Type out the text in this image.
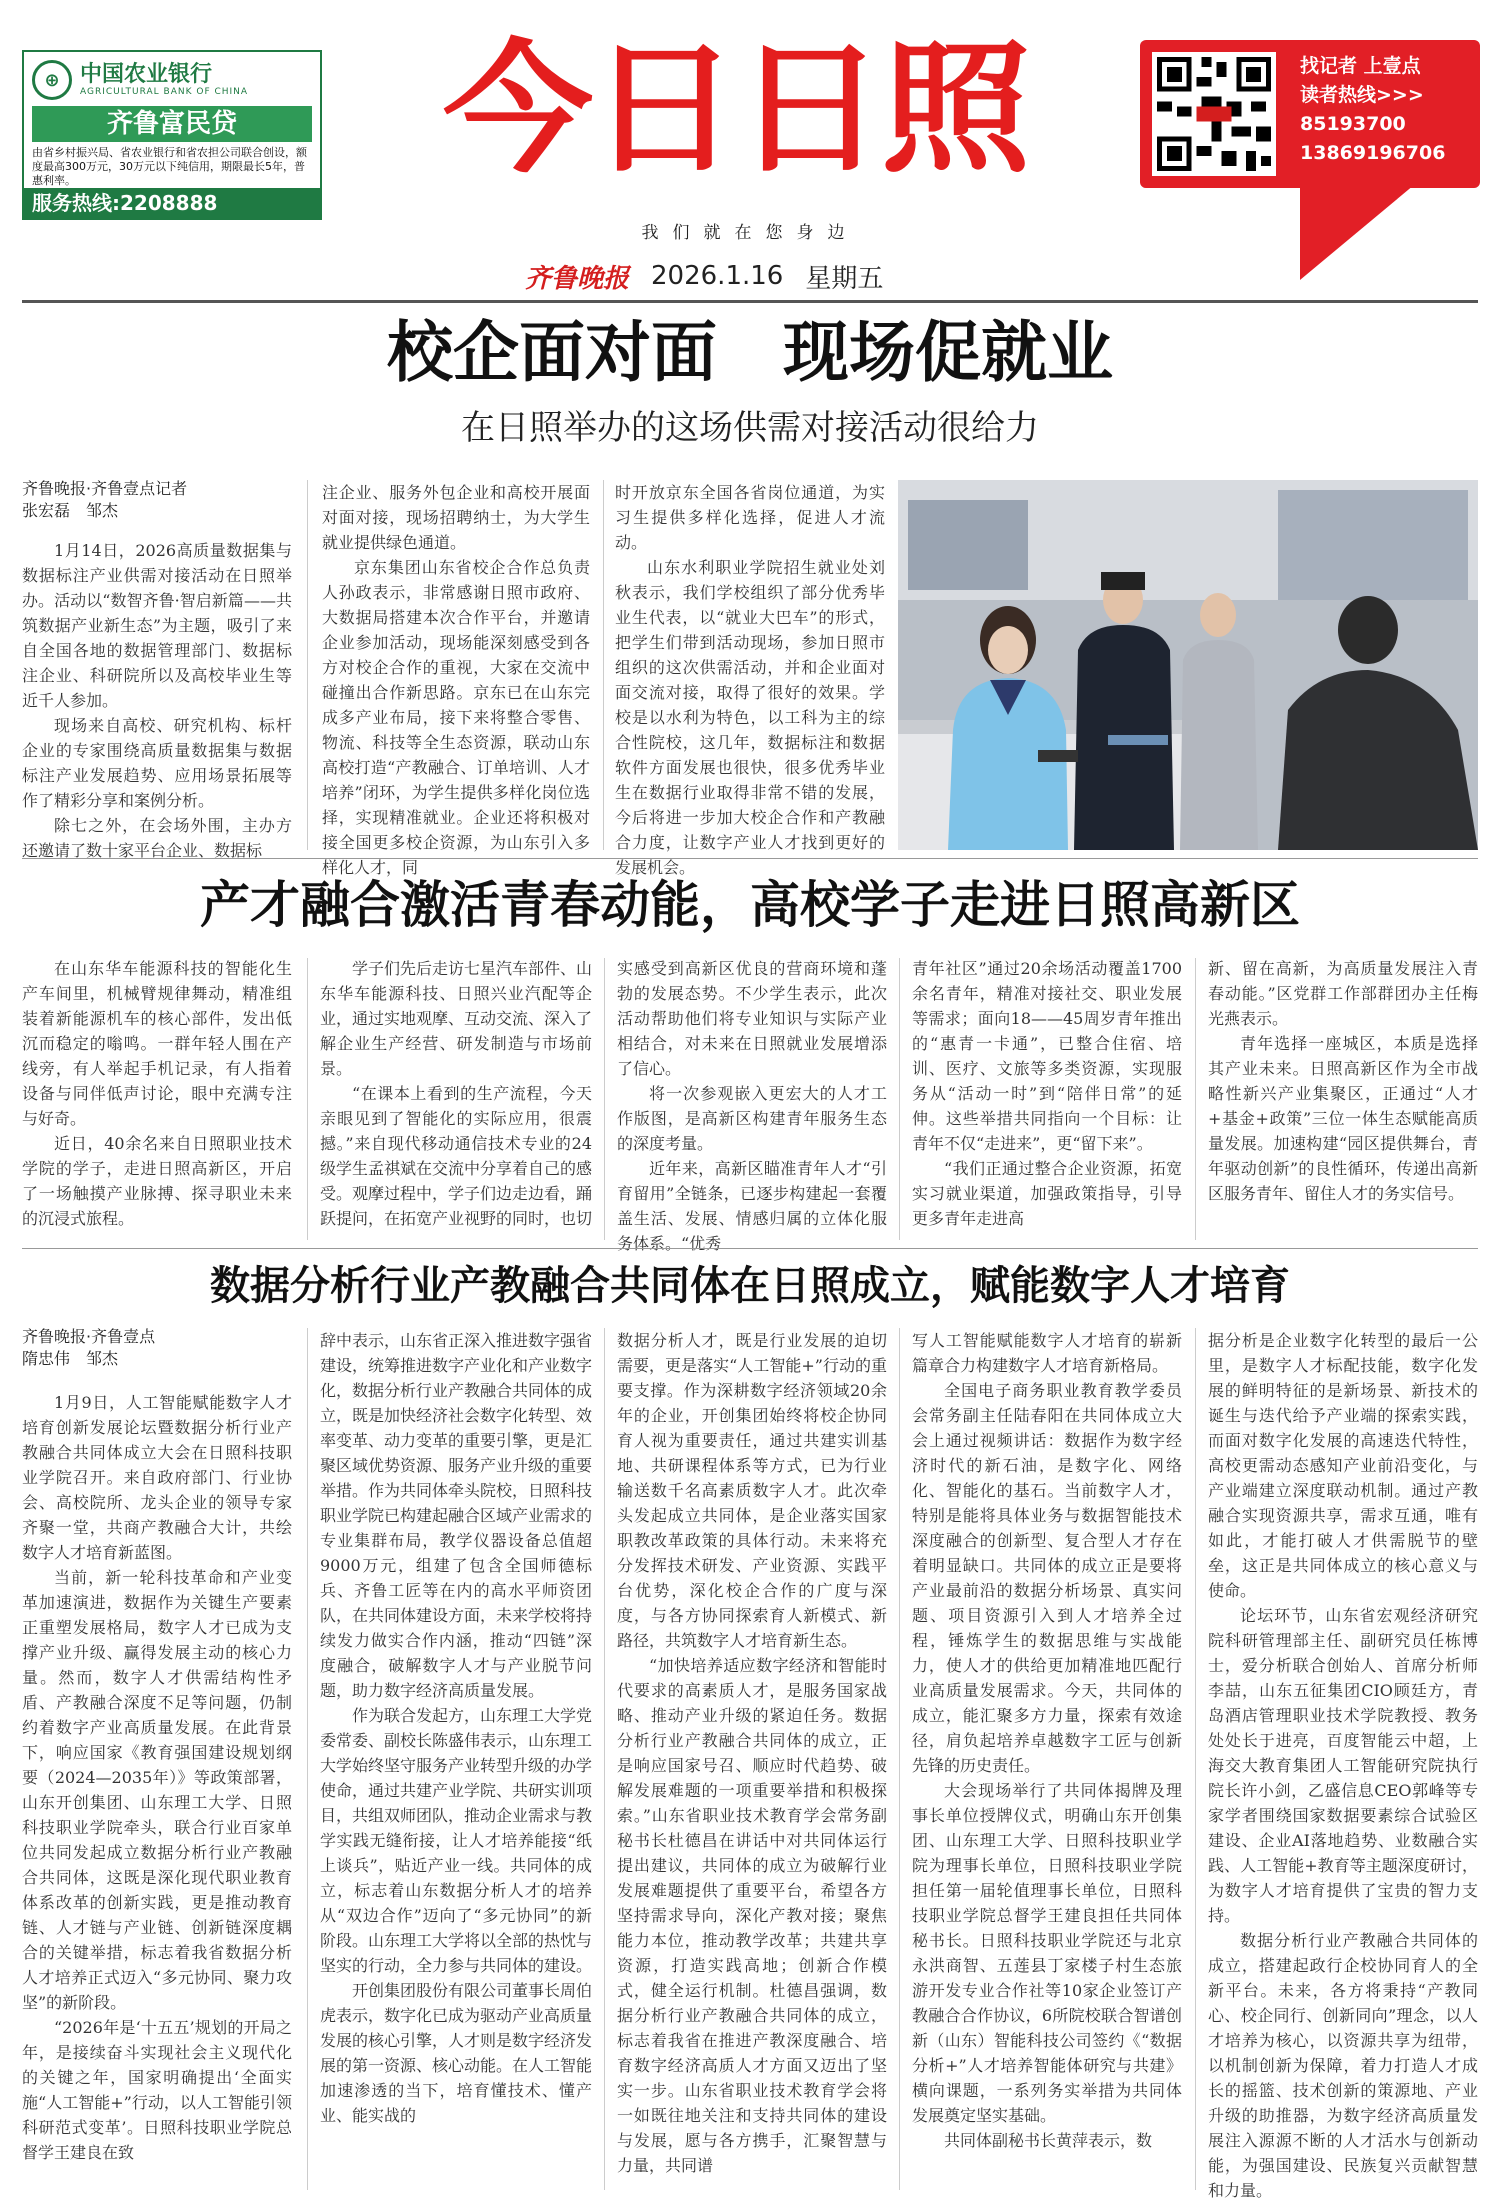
⊕ 中国农业银行
AGRICULTURAL BANK OF CHINA
齐鲁富民贷
由省乡村振兴局、省农业银行和省农担公司联合创设，额度最高300万元，30万元以下纯信用，期限最长5年，普惠利率。
服务热线:2208888
今日日照
我们就在您身边
齐鲁晚报 2026.1.16 星期五
找记者 上壹点
读者热线>>>
85193700
13869196706
校企面对面　现场促就业
在日照举办的这场供需对接活动很给力
齐鲁晚报·齐鲁壹点记者
张宏磊　邹杰

1月14日，2026高质量数据集与数据标注产业供需对接活动在日照举办。活动以“数智齐鲁·智启新篇——共筑数据产业新生态”为主题，吸引了来自全国各地的数据管理部门、数据标注企业、科研院所以及高校毕业生等近千人参加。

现场来自高校、研究机构、标杆企业的专家围绕高质量数据集与数据标注产业发展趋势、应用场景拓展等作了精彩分享和案例分析。

除七之外，在会场外围，主办方还邀请了数十家平台企业、数据标

注企业、服务外包企业和高校开展面对面对接，现场招聘纳士，为大学生就业提供绿色通道。

京东集团山东省校企合作总负责人孙政表示，非常感谢日照市政府、大数据局搭建本次合作平台，并邀请企业参加活动，现场能深刻感受到各方对校企合作的重视，大家在交流中碰撞出合作新思路。京东已在山东完成多产业布局，接下来将整合零售、物流、科技等全生态资源，联动山东高校打造“产教融合、订单培训、人才培养”闭环，为学生提供多样化岗位选择，实现精准就业。企业还将积极对接全国更多校企资源，为山东引入多样化人才，同

时开放京东全国各省岗位通道，为实习生提供多样化选择，促进人才流动。

山东水利职业学院招生就业处刘秋表示，我们学校组织了部分优秀毕业生代表，以“就业大巴车”的形式，把学生们带到活动现场，参加日照市组织的这次供需活动，并和企业面对面交流对接，取得了很好的效果。学校是以水利为特色，以工科为主的综合性院校，这几年，数据标注和数据软件方面发展也很快，很多优秀毕业生在数据行业取得非常不错的发展，今后将进一步加大校企合作和产教融合力度，让数字产业人才找到更好的发展机会。

产才融合激活青春动能，高校学子走进日照高新区

在山东华车能源科技的智能化生产车间里，机械臂规律舞动，精准组装着新能源机车的核心部件，发出低沉而稳定的嗡鸣。一群年轻人围在产线旁，有人举起手机记录，有人指着设备与同伴低声讨论，眼中充满专注与好奇。

近日，40余名来自日照职业技术学院的学子，走进日照高新区，开启了一场触摸产业脉搏、探寻职业未来的沉浸式旅程。

学子们先后走访七星汽车部件、山东华车能源科技、日照兴业汽配等企业，通过实地观摩、互动交流、深入了解企业生产经营、研发制造与市场前景。

“在课本上看到的生产流程，今天亲眼见到了智能化的实际应用，很震撼。”来自现代移动通信技术专业的24级学生孟祺斌在交流中分享着自己的感受。观摩过程中，学子们边走边看，踊跃提问，在拓宽产业视野的同时，也切

实感受到高新区优良的营商环境和蓬勃的发展态势。不少学生表示，此次活动帮助他们将专业知识与实际产业相结合，对未来在日照就业发展增添了信心。

将一次参观嵌入更宏大的人才工作版图，是高新区构建青年服务生态的深度考量。

近年来，高新区瞄准青年人才“引育留用”全链条，已逐步构建起一套覆盖生活、发展、情感归属的立体化服务体系。“优秀

青年社区”通过20余场活动覆盖1700余名青年，精准对接社交、职业发展等需求；面向18——45周岁青年推出的“惠青一卡通”，已整合住宿、培训、医疗、文旅等多类资源，实现服务从“活动一时”到“陪伴日常”的延伸。这些举措共同指向一个目标：让青年不仅“走进来”，更“留下来”。

“我们正通过整合企业资源，拓宽实习就业渠道，加强政策指导，引导更多青年走进高

新、留在高新，为高质量发展注入青春动能。”区党群工作部群团办主任梅光燕表示。

青年选择一座城区，本质是选择其产业未来。日照高新区作为全市战略性新兴产业集聚区，正通过“人才+基金+政策”三位一体生态赋能高质量发展。加速构建“园区提供舞台，青年驱动创新”的良性循环，传递出高新区服务青年、留住人才的务实信号。

数据分析行业产教融合共同体在日照成立，赋能数字人才培育
齐鲁晚报·齐鲁壹点
隋忠伟　邹杰

1月9日，人工智能赋能数字人才培育创新发展论坛暨数据分析行业产教融合共同体成立大会在日照科技职业学院召开。来自政府部门、行业协会、高校院所、龙头企业的领导专家齐聚一堂，共商产教融合大计，共绘数字人才培育新蓝图。

当前，新一轮科技革命和产业变革加速演进，数据作为关键生产要素正重塑发展格局，数字人才已成为支撑产业升级、赢得发展主动的核心力量。然而，数字人才供需结构性矛盾、产教融合深度不足等问题，仍制约着数字产业高质量发展。在此背景下，响应国家《教育强国建设规划纲要（2024—2035年）》等政策部署，山东开创集团、山东理工大学、日照科技职业学院牵头，联合行业百家单位共同发起成立数据分析行业产教融合共同体，这既是深化现代职业教育体系改革的创新实践，更是推动教育链、人才链与产业链、创新链深度耦合的关键举措，标志着我省数据分析人才培养正式迈入“多元协同、聚力攻坚”的新阶段。

“2026年是‘十五五’规划的开局之年，是接续奋斗实现社会主义现代化的关键之年，国家明确提出‘全面实施“人工智能+”行动，以人工智能引领科研范式变革’。日照科技职业学院总督学王建良在致

辞中表示，山东省正深入推进数字强省建设，统筹推进数字产业化和产业数字化，数据分析行业产教融合共同体的成立，既是加快经济社会数字化转型、效率变革、动力变革的重要引擎，更是汇聚区域优势资源、服务产业升级的重要举措。作为共同体牵头院校，日照科技职业学院已构建起融合区域产业需求的专业集群布局，教学仪器设备总值超9000万元，组建了包含全国师德标兵、齐鲁工匠等在内的高水平师资团队，在共同体建设方面，未来学校将持续发力做实合作内涵，推动“四链”深度融合，破解数字人才与产业脱节问题，助力数字经济高质量发展。

作为联合发起方，山东理工大学党委常委、副校长陈盛伟表示，山东理工大学始终坚守服务产业转型升级的办学使命，通过共建产业学院、共研实训项目，共组双师团队，推动企业需求与教学实践无缝衔接，让人才培养能接“纸上谈兵”，贴近产业一线。共同体的成立，标志着山东数据分析人才的培养从“双边合作”迈向了“多元协同”的新阶段。山东理工大学将以全部的热忱与坚实的行动，全力参与共同体的建设。

开创集团股份有限公司董事长周伯虎表示，数字化已成为驱动产业高质量发展的核心引擎，人才则是数字经济发展的第一资源、核心动能。在人工智能加速渗透的当下，培育懂技术、懂产业、能实战的

数据分析人才，既是行业发展的迫切需要，更是落实“人工智能+”行动的重要支撑。作为深耕数字经济领域20余年的企业，开创集团始终将校企协同育人视为重要责任，通过共建实训基地、共研课程体系等方式，已为行业输送数千名高素质数字人才。此次牵头发起成立共同体，是企业落实国家职教改革政策的具体行动。未来将充分发挥技术研发、产业资源、实践平台优势，深化校企合作的广度与深度，与各方协同探索育人新模式、新路径，共筑数字人才培育新生态。

“加快培养适应数字经济和智能时代要求的高素质人才，是服务国家战略、推动产业升级的紧迫任务。数据分析行业产教融合共同体的成立，正是响应国家号召、顺应时代趋势、破解发展难题的一项重要举措和积极探索。”山东省职业技术教育学会常务副秘书长杜德昌在讲话中对共同体运行提出建议，共同体的成立为破解行业发展难题提供了重要平台，希望各方坚持需求导向，深化产教对接；聚焦能力本位，推动教学改革；共建共享资源，打造实践高地；创新合作模式，健全运行机制。杜德昌强调，数据分析行业产教融合共同体的成立，标志着我省在推进产教深度融合、培育数字经济高质人才方面又迈出了坚实一步。山东省职业技术教育学会将一如既往地关注和支持共同体的建设与发展，愿与各方携手，汇聚智慧与力量，共同谱

写人工智能赋能数字人才培育的崭新篇章合力构建数字人才培育新格局。

全国电子商务职业教育教学委员会常务副主任陆春阳在共同体成立大会上通过视频讲话：数据作为数字经济时代的新石油，是数字化、网络化、智能化的基石。当前数字人才，特别是能将具体业务与数据智能技术深度融合的创新型、复合型人才存在着明显缺口。共同体的成立正是要将产业最前沿的数据分析场景、真实问题、项目资源引入到人才培养全过程，锤炼学生的数据思维与实战能力，使人才的供给更加精准地匹配行业高质量发展需求。今天，共同体的成立，能汇聚多方力量，探索有效途径，肩负起培养卓越数字工匠与创新先锋的历史责任。

大会现场举行了共同体揭牌及理事长单位授牌仪式，明确山东开创集团、山东理工大学、日照科技职业学院为理事长单位，日照科技职业学院担任第一届轮值理事长单位，日照科技职业学院总督学王建良担任共同体秘书长。日照科技职业学院还与北京永洪商智、五莲县丁家楼子村生态旅游开发专业合作社等10家企业签订产教融合合作协议，6所院校联合智谱创新（山东）智能科技公司签约《“数据分析+”人才培养智能体研究与共建》横向课题，一系列务实举措为共同体发展奠定坚实基础。

共同体副秘书长黄萍表示，数

据分析是企业数字化转型的最后一公里，是数字人才标配技能，数字化发展的鲜明特征的是新场景、新技术的诞生与迭代给予产业端的探索实践，而面对数字化发展的高速迭代特性，高校更需动态感知产业前沿变化，与产业端建立深度联动机制。通过产教融合实现资源共享，需求互通，唯有如此，才能打破人才供需脱节的壁垒，这正是共同体成立的核心意义与使命。

论坛环节，山东省宏观经济研究院科研管理部主任、副研究员任栋博士，爱分析联合创始人、首席分析师李喆，山东五征集团CIO顾廷方，青岛酒店管理职业技术学院教授、教务处处长于进亮，百度智能云中超，上海交大教育集团人工智能研究院执行院长许小剑，乙盛信息CEO郭峰等专家学者围绕国家数据要素综合试验区建设、企业AI落地趋势、业数融合实践、人工智能+教育等主题深度研讨，为数字人才培育提供了宝贵的智力支持。

数据分析行业产教融合共同体的成立，搭建起政行企校协同育人的全新平台。未来，各方将秉持“产教同心、校企同行、创新同向”理念，以人才培养为核心，以资源共享为纽带，以机制创新为保障，着力打造人才成长的摇篮、技术创新的策源地、产业升级的助推器，为数字经济高质量发展注入源源不断的人才活水与创新动能，为强国建设、民族复兴贡献智慧和力量。
